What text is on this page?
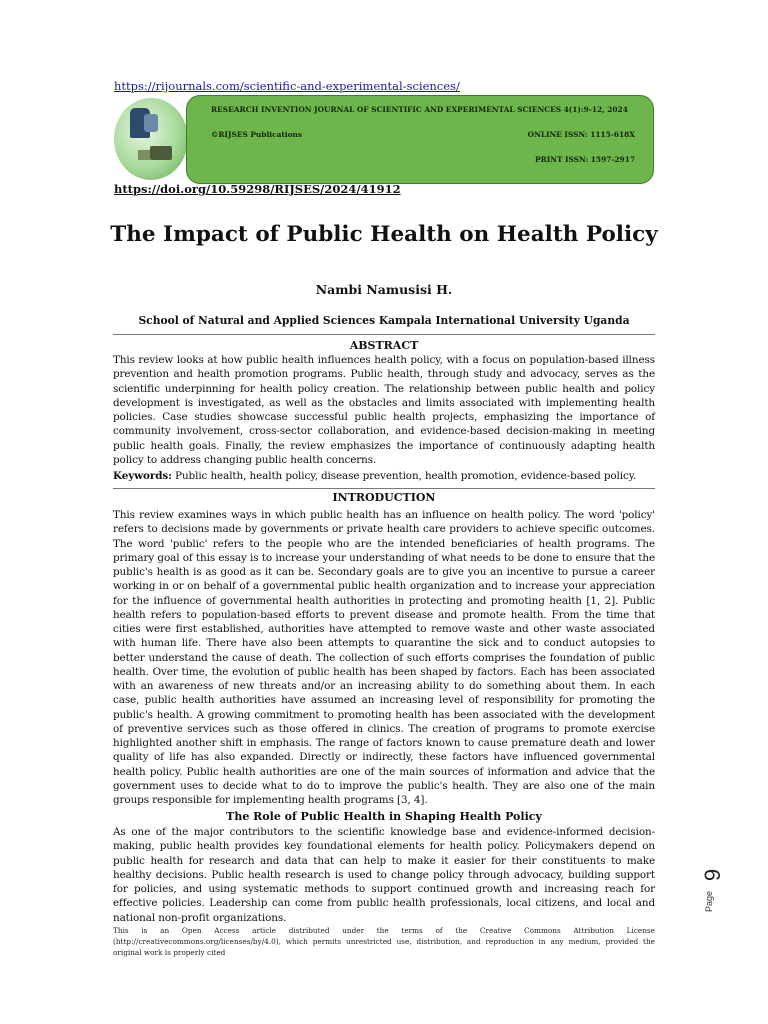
https://rijournals.com/scientific-and-experimental-sciences/
RESEARCH INVENTION JOURNAL OF SCIENTIFIC AND EXPERIMENTAL SCIENCES 4(1):9-12, 2024
©RIJSES Publications	ONLINE ISSN: 1115-618X
PRINT ISSN: 1597-2917
https://doi.org/10.59298/RIJSES/2024/41912
The Impact of Public Health on Health Policy
Nambi Namusisi H.
School of Natural and Applied Sciences Kampala International University Uganda
ABSTRACT

This review looks at how public health influences health policy, with a focus on population-based illness prevention and health promotion programs. Public health, through study and advocacy, serves as the scientific underpinning for health policy creation. The relationship between public health and policy development is investigated, as well as the obstacles and limits associated with implementing health policies. Case studies showcase successful public health projects, emphasizing the importance of community involvement, cross-sector collaboration, and evidence-based decision-making in meeting public health goals. Finally, the review emphasizes the importance of continuously adapting health policy to address changing public health concerns.

Keywords: Public health, health policy, disease prevention, health promotion, evidence-based policy.

INTRODUCTION

This review examines ways in which public health has an influence on health policy. The word 'policy' refers to decisions made by governments or private health care providers to achieve specific outcomes. The word 'public' refers to the people who are the intended beneficiaries of health programs. The primary goal of this essay is to increase your understanding of what needs to be done to ensure that the public's health is as good as it can be. Secondary goals are to give you an incentive to pursue a career working in or on behalf of a governmental public health organization and to increase your appreciation for the influence of governmental health authorities in protecting and promoting health [1, 2]. Public health refers to population-based efforts to prevent disease and promote health. From the time that cities were first established, authorities have attempted to remove waste and other waste associated with human life. There have also been attempts to quarantine the sick and to conduct autopsies to better understand the cause of death. The collection of such efforts comprises the foundation of public health. Over time, the evolution of public health has been shaped by factors. Each has been associated with an awareness of new threats and/or an increasing ability to do something about them. In each case, public health authorities have assumed an increasing level of responsibility for promoting the public's health. A growing commitment to promoting health has been associated with the development of preventive services such as those offered in clinics. The creation of programs to promote exercise highlighted another shift in emphasis. The range of factors known to cause premature death and lower quality of life has also expanded. Directly or indirectly, these factors have influenced governmental health policy. Public health authorities are one of the main sources of information and advice that the government uses to decide what to do to improve the public's health. They are also one of the main groups responsible for implementing health programs [3, 4].

The Role of Public Health in Shaping Health Policy

As one of the major contributors to the scientific knowledge base and evidence-informed decision-making, public health provides key foundational elements for health policy. Policymakers depend on public health for research and data that can help to make it easier for their constituents to make healthy decisions. Public health research is used to change policy through advocacy, building support for policies, and using systematic methods to support continued growth and increasing reach for effective policies. Leadership can come from public health professionals, local citizens, and local and national non-profit organizations.

This is an Open Access article distributed under the terms of the Creative Commons Attribution License (http://creativecommons.org/licenses/by/4.0), which permits unrestricted use, distribution, and reproduction in any medium, provided the original work is properly cited

9
Page
